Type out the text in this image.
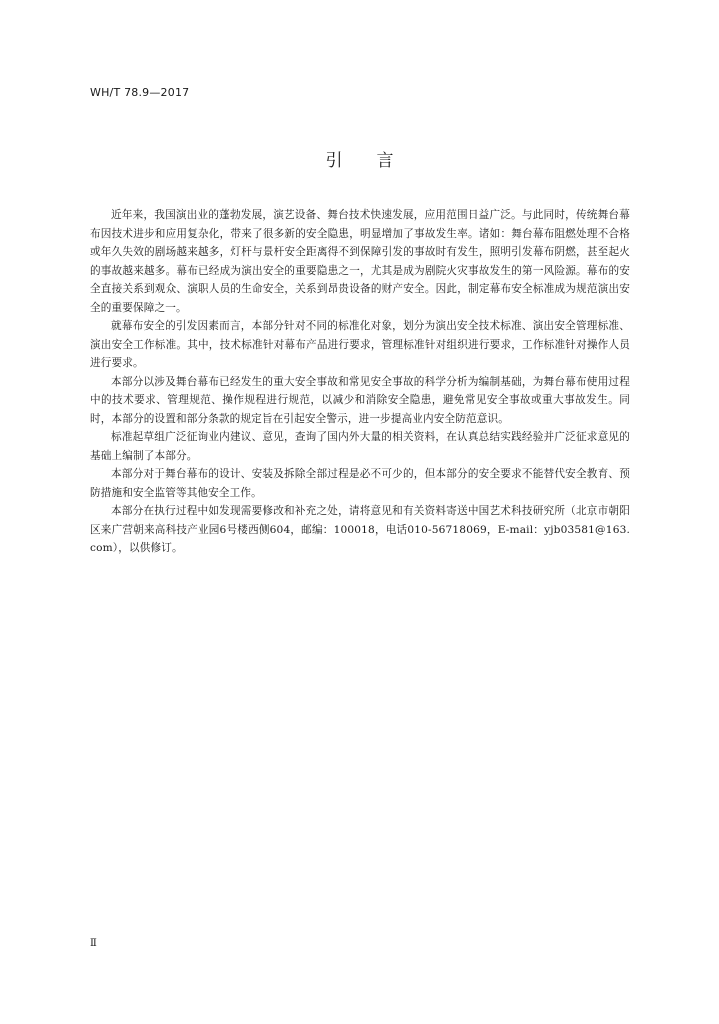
WH/T 78.9—2017
引言

近年来，我国演出业的蓬勃发展，演艺设备、舞台技术快速发展，应用范围日益广泛。与此同时，传统舞台幕布因技术进步和应用复杂化，带来了很多新的安全隐患，明显增加了事故发生率。诸如：舞台幕布阻燃处理不合格或年久失效的剧场越来越多，灯杆与景杆安全距离得不到保障引发的事故时有发生，照明引发幕布阴燃，甚至起火的事故越来越多。幕布已经成为演出安全的重要隐患之一，尤其是成为剧院火灾事故发生的第一风险源。幕布的安全直接关系到观众、演职人员的生命安全，关系到昂贵设备的财产安全。因此，制定幕布安全标准成为规范演出安全的重要保障之一。

就幕布安全的引发因素而言，本部分针对不同的标准化对象，划分为演出安全技术标准、演出安全管理标准、演出安全工作标准。其中，技术标准针对幕布产品进行要求，管理标准针对组织进行要求，工作标准针对操作人员进行要求。

本部分以涉及舞台幕布已经发生的重大安全事故和常见安全事故的科学分析为编制基础，为舞台幕布使用过程中的技术要求、管理规范、操作规程进行规范，以减少和消除安全隐患，避免常见安全事故或重大事故发生。同时，本部分的设置和部分条款的规定旨在引起安全警示，进一步提高业内安全防范意识。

标准起草组广泛征询业内建议、意见，查询了国内外大量的相关资料，在认真总结实践经验并广泛征求意见的基础上编制了本部分。

本部分对于舞台幕布的设计、安装及拆除全部过程是必不可少的，但本部分的安全要求不能替代安全教育、预防措施和安全监管等其他安全工作。

本部分在执行过程中如发现需要修改和补充之处，请将意见和有关资料寄送中国艺术科技研究所（北京市朝阳区来广营朝来高科技产业园6号楼西侧604，邮编：100018，电话010-56718069，E-mail：yjb03581@163.com），以供修订。

Ⅱ
